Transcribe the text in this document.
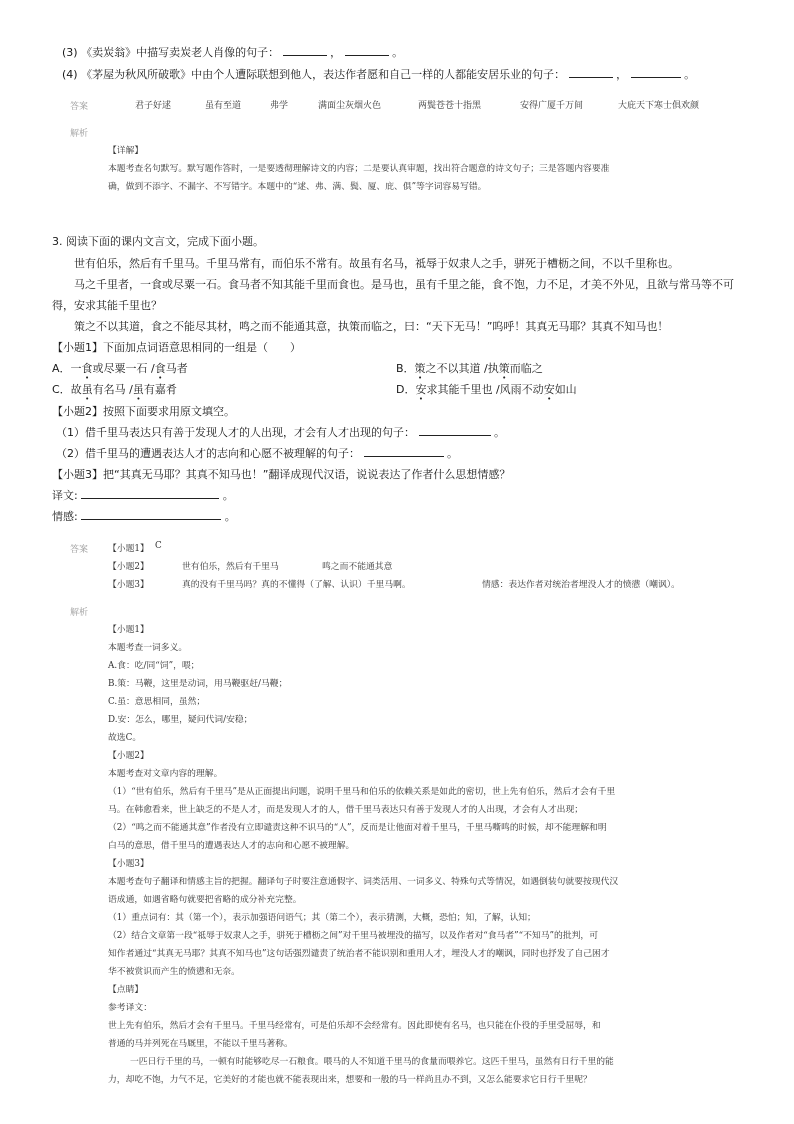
(3) 《卖炭翁》中描写卖炭老人肖像的句子：	，	。
(4) 《茅屋为秋风所破歌》中由个人遭际联想到他人，表达作者愿和自己一样的人都能安居乐业的句子：	，	。
答案	君子好逑	虽有至道	弗学	满面尘灰烟火色	两鬓苍苍十指黑	安得广厦千万间	大庇天下寒士俱欢颜
解析
【详解】
本题考查名句默写。默写题作答时，一是要透彻理解诗文的内容；二是要认真审题，找出符合题意的诗文句子；三是答题内容要准
确，做到不添字、不漏字、不写错字。本题中的“逑、弗、满、鬓、厦、庇、俱”等字词容易写错。
3. 阅读下面的课内文言文，完成下面小题。
世有伯乐，然后有千里马。千里马常有，而伯乐不常有。故虽有名马，祗辱于奴隶人之手，骈死于槽枥之间，不以千里称也。
马之千里者，一食或尽粟一石。食马者不知其能千里而食也。是马也，虽有千里之能，食不饱，力不足，才美不外见，且欲与常马等不可
得，安求其能千里也？
策之不以其道，食之不能尽其材，鸣之而不能通其意，执策而临之，曰：“天下无马！”呜呼！其真无马耶？其真不知马也！
【小题1】下面加点词语意思相同的一组是（　　）
A．一食或尽粟一石 /食马者	B．策之不以其道 /执策而临之
C．故虽有名马 /虽有嘉肴	D．安求其能千里也 /风雨不动安如山
【小题2】按照下面要求用原文填空。
（1）借千里马表达只有善于发现人才的人出现，才会有人才出现的句子：	。
（2）借千里马的遭遇表达人才的志向和心愿不被理解的句子：	。
【小题3】把“其真无马耶？其真不知马也！”翻译成现代汉语，说说表达了作者什么思想情感？
译文:	。
情感:	。
答案 【小题1】 C
【小题2】	世有伯乐，然后有千里马	鸣之而不能通其意
【小题3】	真的没有千里马吗？真的不懂得（了解、认识）千里马啊。	情感：表达作者对统治者埋没人才的愤懑（嘲讽）。
解析
【小题1】
本题考查一词多义。
A.食：吃/同“饲”，喂；
B.策：马鞭，这里是动词，用马鞭驱赶/马鞭；
C.虽：意思相同，虽然；
D.安：怎么，哪里，疑问代词/安稳；
故选C。
【小题2】
本题考查对文章内容的理解。
（1）“世有伯乐，然后有千里马”是从正面提出问题，说明千里马和伯乐的依赖关系是如此的密切，世上先有伯乐，然后才会有千里
马。在韩愈看来，世上缺乏的不是人才，而是发现人才的人，借千里马表达只有善于发现人才的人出现，才会有人才出现；
（2）“鸣之而不能通其意”作者没有立即谴责这种不识马的“人”，反而是让他面对着千里马，千里马嘶鸣的时候，却不能理解和明
白马的意思，借千里马的遭遇表达人才的志向和心愿不被理解。
【小题3】
本题考查句子翻译和情感主旨的把握。翻译句子时要注意通假字、词类活用、一词多义、特殊句式等情况，如遇倒装句就要按现代汉
语成通，如遇省略句就要把省略的成分补充完整。
（1）重点词有：其（第一个），表示加强语问语气；其（第二个），表示猜测，大概，恐怕；知，了解，认知；
（2）结合文章第一段“祗辱于奴隶人之手，骈死于槽枥之间”对千里马被埋没的描写，以及作者对“食马者”“不知马”的批判，可
知作者通过“其真无马耶？其真不知马也”这句话强烈谴责了统治者不能识别和重用人才，埋没人才的嘲讽，同时也抒发了自己困才
华不被赏识而产生的愤懑和无奈。
【点睛】
参考译文：
世上先有伯乐，然后才会有千里马。千里马经常有，可是伯乐却不会经常有。因此即使有名马，也只能在仆役的手里受屈辱，和
普通的马并列死在马厩里，不能以千里马著称。
一匹日行千里的马，一顿有时能够吃尽一石粮食。喂马的人不知道千里马的食量而喂养它。这匹千里马，虽然有日行千里的能
力，却吃不饱，力气不足，它美好的才能也就不能表现出来，想要和一般的马一样尚且办不到，又怎么能要求它日行千里呢？
